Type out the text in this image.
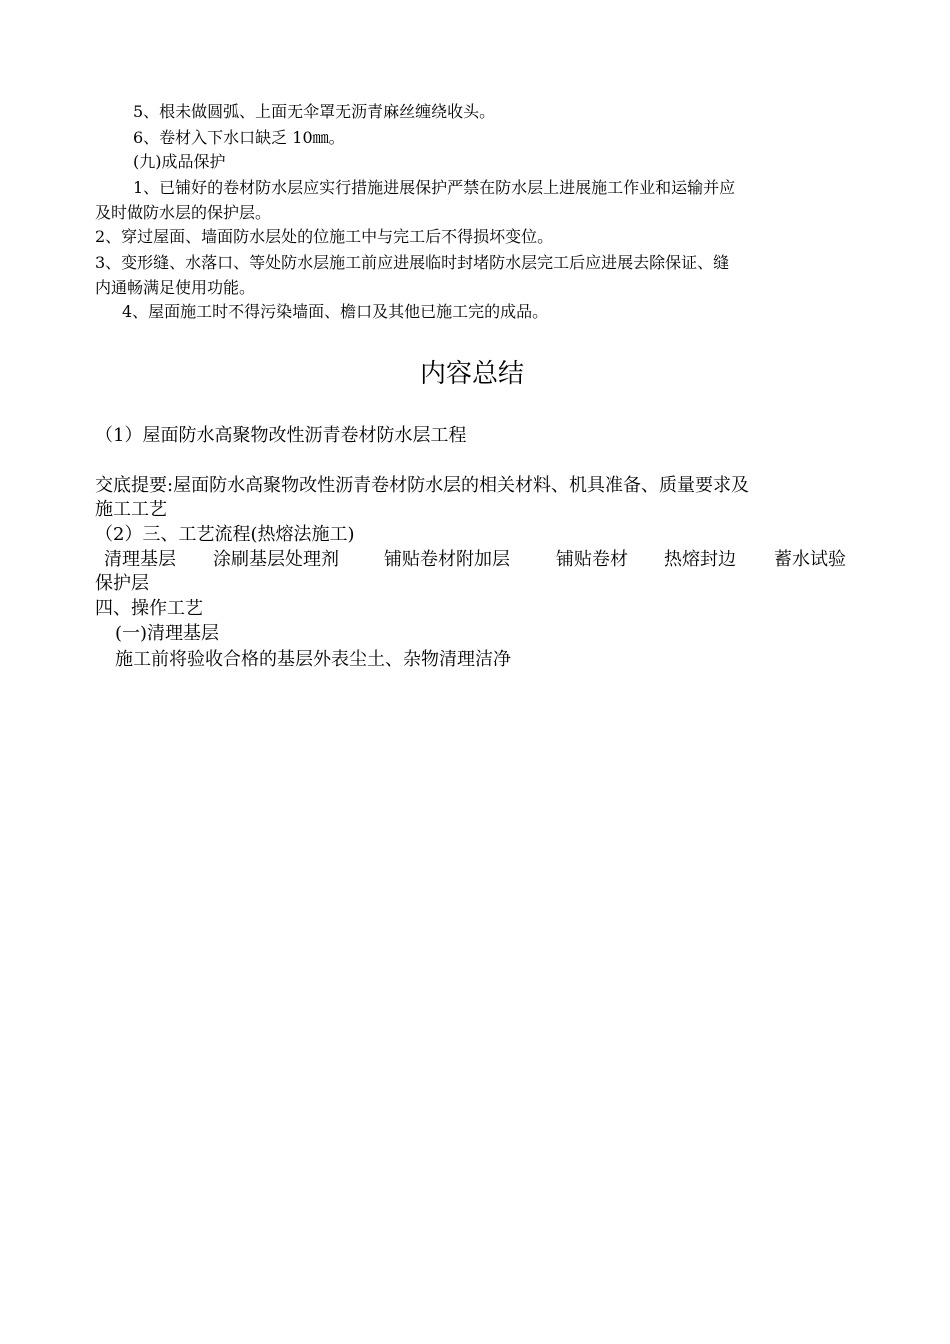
5、根未做圆弧、上面无伞罩无沥青麻丝缠绕收头。
6、卷材入下水口缺乏 10㎜。
(九)成品保护
1、已铺好的卷材防水层应实行措施进展保护严禁在防水层上进展施工作业和运输并应
及时做防水层的保护层。
2、穿过屋面、墙面防水层处的位施工中与完工后不得损坏变位。
3、变形缝、水落口、等处防水层施工前应进展临时封堵防水层完工后应进展去除保证、缝
内通畅满足使用功能。
4、屋面施工时不得污染墙面、檐口及其他已施工完的成品。
内容总结
（1）屋面防水高聚物改性沥青卷材防水层工程
交底提要:屋面防水高聚物改性沥青卷材防水层的相关材料、机具准备、质量要求及
施工工艺
（2）三、工艺流程(热熔法施工)
清理基层 涂刷基层处理剂	铺贴卷材附加层	铺贴卷材 热熔封边 蓄水试验
保护层
四、操作工艺
(一)清理基层
施工前将验收合格的基层外表尘土、杂物清理洁净
